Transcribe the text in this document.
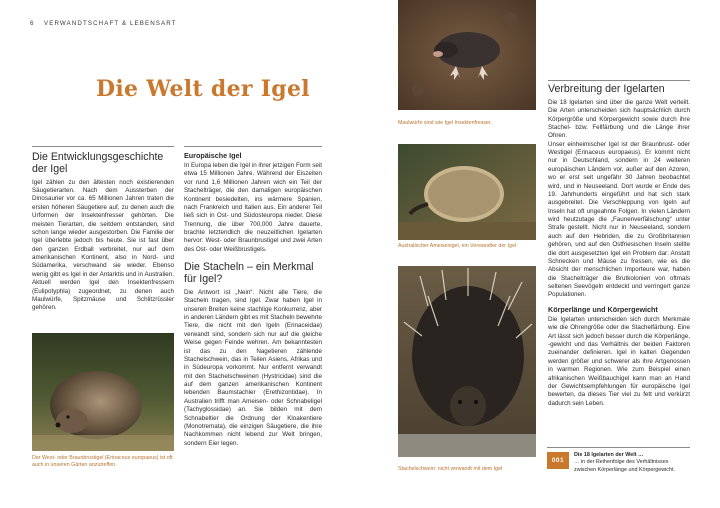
6 VERWANDTSCHAFT & LEBENSART
Die Welt der Igel
Die Entwicklungsgeschichte der Igel

Igel zählen zu den ältesten noch existierenden Säugetierarten. Nach dem Aussterben der Dinosaurier vor ca. 65 Millionen Jahren traten die ersten höheren Säugetiere auf, zu denen auch die Urformen der Insektenfresser gehörten. Die meisten Tierarten, die seitdem entstanden, sind schon lange wieder ausgestorben. Die Familie der Igel überlebte jedoch bis heute. Sie ist fast über den ganzen Erdball verbreitet, nur auf dem amerikanischen Kontinent, also in Nord- und Südamerika, verschwand sie wieder. Ebenso wenig gibt es Igel in der Antarktis und in Australien. Aktuell werden Igel den Insektenfressern (Eulipotyphla) zugeordnet, zu denen auch Maulwürfe, Spitzmäuse und Schlitzrüssler gehören.

Der West- oder Braunbrustigel (Erinaceus europaeus) ist oft auch in unseren Gärten anzutreffen.
Europäische Igel

In Europa leben die Igel in ihrer jetzigen Form seit etwa 15 Millionen Jahre. Während der Eiszeiten vor rund 1,6 Millionen Jahren wich ein Teil der Stachelträger, die den damaligen europäischen Kontinent besiedelten, ins wärmere Spanien, nach Frankreich und Italien aus. Ein anderer Teil ließ sich in Ost- und Südosteuropa nieder. Diese Trennung, die über 700.000 Jahre dauerte, brachte letztendlich die neuzeitlichen Igelarten hervor: West- oder Braunbrustigel und zwei Arten des Ost- oder Weißbrustigels.

Die Stacheln – ein Merkmal für Igel?

Die Antwort ist „Nein“. Nicht alle Tiere, die Stacheln tragen, sind Igel. Zwar haben Igel in unseren Breiten keine stachlige Konkurrenz, aber in anderen Ländern gibt es mit Stacheln bewehrte Tiere, die nicht mit den Igeln (Erinaceidae) verwandt sind, sondern sich nur auf die gleiche Weise gegen Feinde wehren. Am bekanntesten ist das zu den Nagetieren zählende Stachelschwein, das in Teilen Asiens, Afrikas und in Südeuropa vorkommt. Nur entfernt verwandt mit den Stachelschweinen (Hystricidae) sind die auf dem ganzen amerikanischen Kontinent lebenden Baumstachler (Erethizontidae). In Australien trifft man Ameisen- oder Schnabeligel (Tachyglossidae) an. Sie bilden mit dem Schnabeltier die Ordnung der Kloakentiere (Monotremata), die einzigen Säugetiere, die ihre Nachkommen nicht lebend zur Welt bringen, sondern Eier legen.

Maulwürfe sind wie Igel Insektenfresser.
Australischer Ameisenigel, ein Verwandter der Igel
Stachelschwein: nicht verwandt mit dem Igel
Verbreitung der Igelarten

Die 18 Igelarten sind über die ganze Welt verteilt. Die Arten unterscheiden sich hauptsächlich durch Körpergröße und Körpergewicht sowie durch ihre Stachel- bzw. Fellfärbung und die Länge ihrer Ohren.

Unser einheimischer Igel ist der Braunbrust- oder Westigel (Erinaceus europaeus). Er kommt nicht nur in Deutschland, sondern in 24 weiteren europäischen Ländern vor, außer auf den Azoren, wo er erst seit ungefähr 30 Jahren beobachtet wird, und in Neuseeland. Dort wurde er Ende des 19. Jahrhunderts eingeführt und hat sich stark ausgebreitet. Die Verschleppung von Igeln auf Inseln hat oft ungeahnte Folgen. In vielen Ländern wird heutzutage die „Faunenverfälschung“ unter Strafe gestellt. Nicht nur in Neuseeland, sondern auch auf den Hebriden, die zu Großbritannien gehören, und auf den Ostfriesischen Inseln stellte die dort ausgesetzten Igel ein Problem dar: Anstatt Schnecken und Mäuse zu fressen, wie es die Absicht der menschlichen Importeure war, haben die Stachelträger die Brutkolonien von oftmals seltenen Seevögeln entdeckt und verringert ganze Populationen.

Körperlänge und Körpergewicht

Die Igelarten unterscheiden sich durch Merkmale wie die Ohrengröße oder die Stachelfärbung. Eine Art lässt sich jedoch besser durch die Körperlänge, -gewicht und das Verhältnis der beiden Faktoren zueinander definieren. Igel in kalten Gegenden werden größer und schwerer als ihre Artgenossen in warmen Regionen. Wie zum Beispiel einen afrikanischen Weißbauchigel kann man an Hand der Gewichtsempfehlungen für europäische Igel bewerten, da dieses Tier viel zu fett und verkürzt dadurch sein Leben.

001
Die 18 Igelarten der Welt …
… in der Reihenfolge des Verhältnisses zwischen Körperlänge und Körpergewicht.
